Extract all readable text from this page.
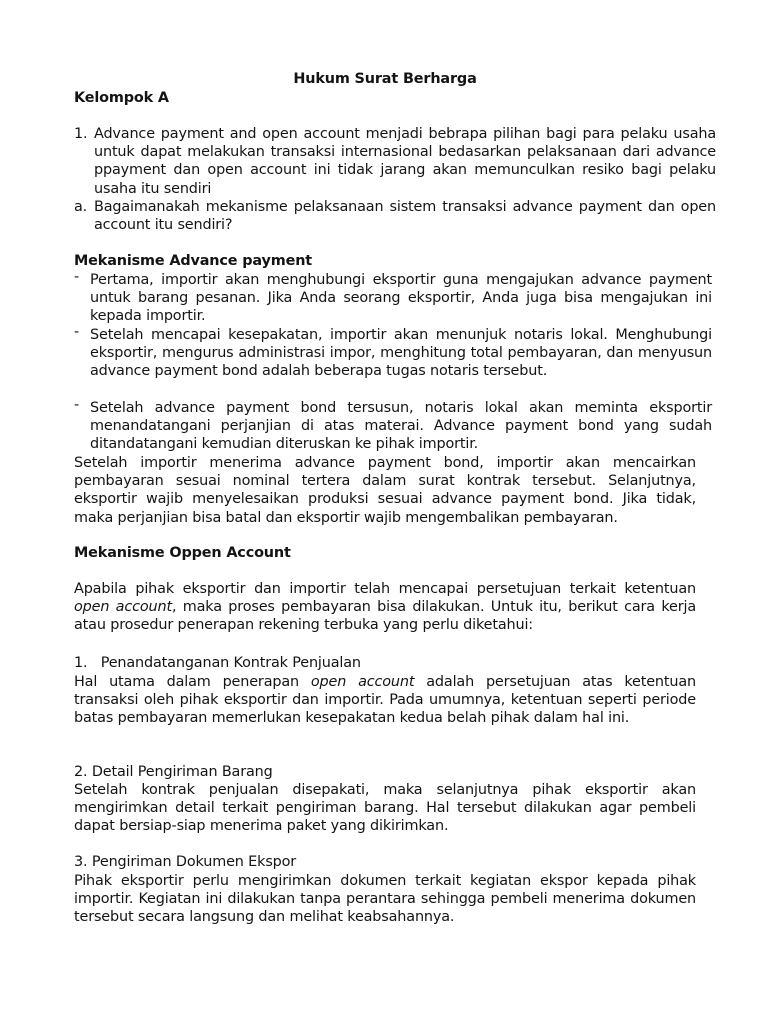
Hukum Surat Berharga

Kelompok A

1. Advance payment and open account menjadi bebrapa pilihan bagi para pelaku usaha untuk dapat melakukan transaksi internasional bedasarkan pelaksanaan dari advance ppayment dan open account ini tidak jarang akan memunculkan resiko bagi pelaku usaha itu sendiri
a. Bagaimanakah mekanisme pelaksanaan sistem transaksi advance payment dan open account itu sendiri?

Mekanisme Advance payment

- Pertama, importir akan menghubungi eksportir guna mengajukan advance payment untuk barang pesanan. Jika Anda seorang eksportir, Anda juga bisa mengajukan ini kepada importir.
- Setelah mencapai kesepakatan, importir akan menunjuk notaris lokal. Menghubungi eksportir, mengurus administrasi impor, menghitung total pembayaran, dan menyusun advance payment bond adalah beberapa tugas notaris tersebut.
- Setelah advance payment bond tersusun, notaris lokal akan meminta eksportir menandatangani perjanjian di atas materai. Advance payment bond yang sudah ditandatangani kemudian diteruskan ke pihak importir.

Setelah importir menerima advance payment bond, importir akan mencairkan pembayaran sesuai nominal tertera dalam surat kontrak tersebut. Selanjutnya, eksportir wajib menyelesaikan produksi sesuai advance payment bond. Jika tidak, maka perjanjian bisa batal dan eksportir wajib mengembalikan pembayaran.

Mekanisme Oppen Account

Apabila pihak eksportir dan importir telah mencapai persetujuan terkait ketentuan open account, maka proses pembayaran bisa dilakukan. Untuk itu, berikut cara kerja atau prosedur penerapan rekening terbuka yang perlu diketahui:

1.   Penandatanganan Kontrak Penjualan

Hal utama dalam penerapan open account adalah persetujuan atas ketentuan transaksi oleh pihak eksportir dan importir. Pada umumnya, ketentuan seperti periode batas pembayaran memerlukan kesepakatan kedua belah pihak dalam hal ini.

2. Detail Pengiriman Barang

Setelah kontrak penjualan disepakati, maka selanjutnya pihak eksportir akan mengirimkan detail terkait pengiriman barang. Hal tersebut dilakukan agar pembeli dapat bersiap-siap menerima paket yang dikirimkan.

3. Pengiriman Dokumen Ekspor

Pihak eksportir perlu mengirimkan dokumen terkait kegiatan ekspor kepada pihak importir. Kegiatan ini dilakukan tanpa perantara sehingga pembeli menerima dokumen tersebut secara langsung dan melihat keabsahannya.
